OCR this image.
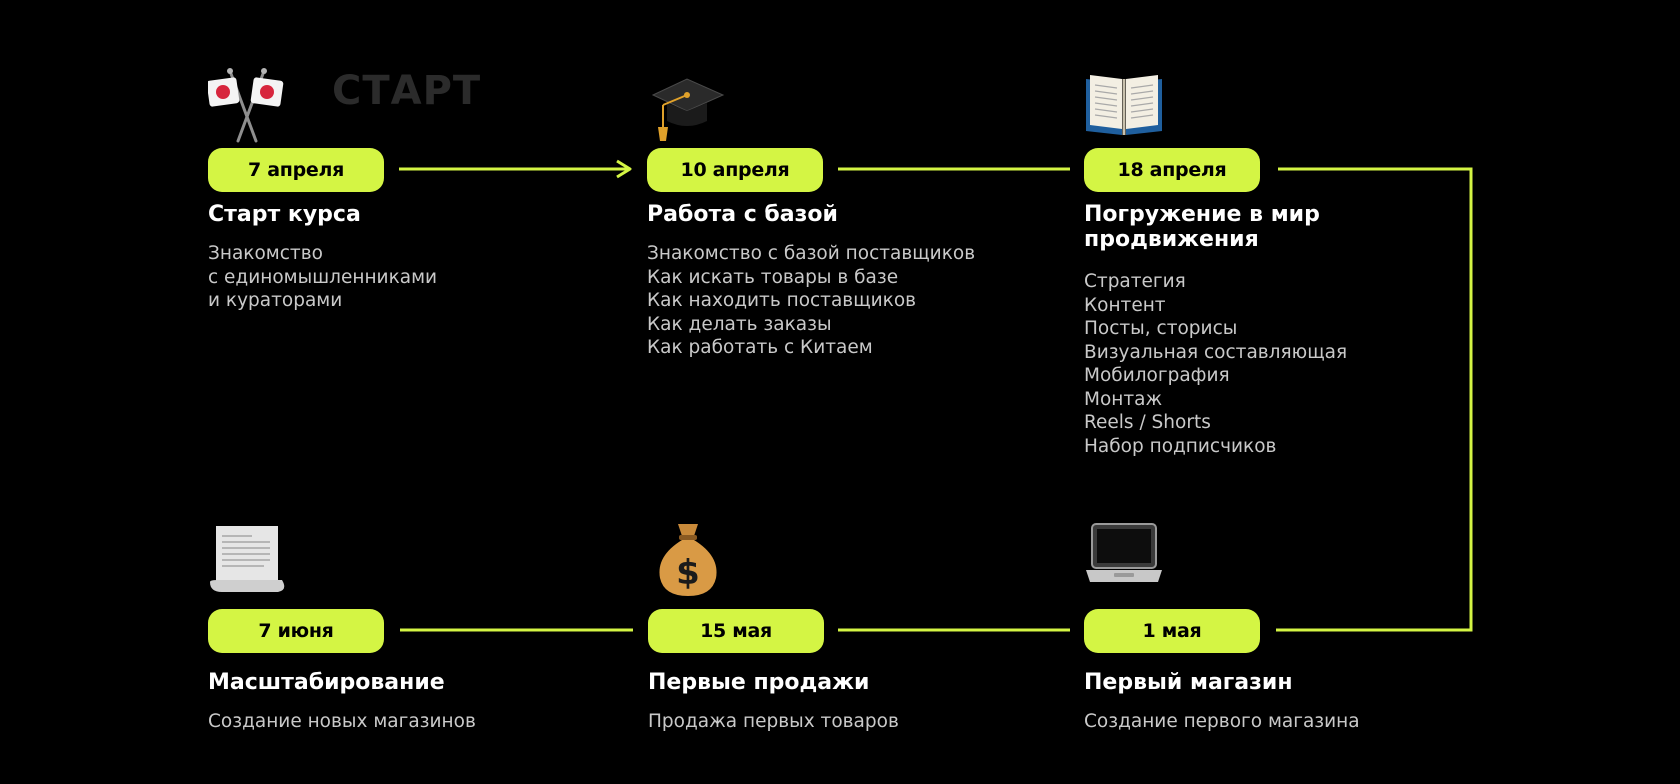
СТАРТ
7 апреля
Старт курса
Знакомство
с единомышленниками
и кураторами
10 апреля
Работа с базой
Знакомство с базой поставщиков
Как искать товары в базе
Как находить поставщиков
Как делать заказы
Как работать с Китаем
18 апреля
Погружение в мир продвижения
Стратегия
Контент
Посты, сторисы
Визуальная составляющая
Мобилография
Монтаж
Reels / Shorts
Набор подписчиков
1 мая
Первый магазин
Создание первого магазина
$
15 мая
Первые продажи
Продажа первых товаров
7 июня
Масштабирование
Создание новых магазинов
